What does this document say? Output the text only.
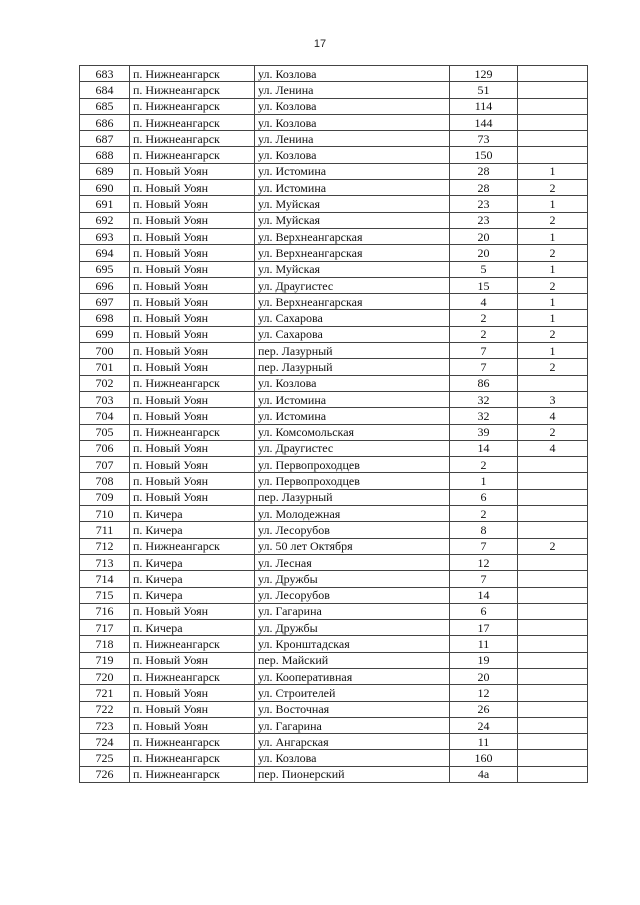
17
683	п. Нижнеангарск	ул. Козлова	129	
684	п. Нижнеангарск	ул. Ленина	51	
685	п. Нижнеангарск	ул. Козлова	114	
686	п. Нижнеангарск	ул. Козлова	144	
687	п. Нижнеангарск	ул. Ленина	73	
688	п. Нижнеангарск	ул. Козлова	150	
689	п. Новый Уоян	ул. Истомина	28	1
690	п. Новый Уоян	ул. Истомина	28	2
691	п. Новый Уоян	ул. Муйская	23	1
692	п. Новый Уоян	ул. Муйская	23	2
693	п. Новый Уоян	ул. Верхнеангарская	20	1
694	п. Новый Уоян	ул. Верхнеангарская	20	2
695	п. Новый Уоян	ул. Муйская	5	1
696	п. Новый Уоян	ул. Драугистес	15	2
697	п. Новый Уоян	ул. Верхнеангарская	4	1
698	п. Новый Уоян	ул. Сахарова	2	1
699	п. Новый Уоян	ул. Сахарова	2	2
700	п. Новый Уоян	пер. Лазурный	7	1
701	п. Новый Уоян	пер. Лазурный	7	2
702	п. Нижнеангарск	ул. Козлова	86	
703	п. Новый Уоян	ул. Истомина	32	3
704	п. Новый Уоян	ул. Истомина	32	4
705	п. Нижнеангарск	ул. Комсомольская	39	2
706	п. Новый Уоян	ул. Драугистес	14	4
707	п. Новый Уоян	ул. Первопроходцев	2	
708	п. Новый Уоян	ул. Первопроходцев	1	
709	п. Новый Уоян	пер. Лазурный	6	
710	п. Кичера	ул. Молодежная	2	
711	п. Кичера	ул. Лесорубов	8	
712	п. Нижнеангарск	ул. 50 лет Октября	7	2
713	п. Кичера	ул. Лесная	12	
714	п. Кичера	ул. Дружбы	7	
715	п. Кичера	ул. Лесорубов	14	
716	п. Новый Уоян	ул. Гагарина	6	
717	п. Кичера	ул. Дружбы	17	
718	п. Нижнеангарск	ул. Кронштадская	11	
719	п. Новый Уоян	пер. Майский	19	
720	п. Нижнеангарск	ул. Кооперативная	20	
721	п. Новый Уоян	ул. Строителей	12	
722	п. Новый Уоян	ул. Восточная	26	
723	п. Новый Уоян	ул. Гагарина	24	
724	п. Нижнеангарск	ул. Ангарская	11	
725	п. Нижнеангарск	ул. Козлова	160	
726	п. Нижнеангарск	пер. Пионерский	4а	
